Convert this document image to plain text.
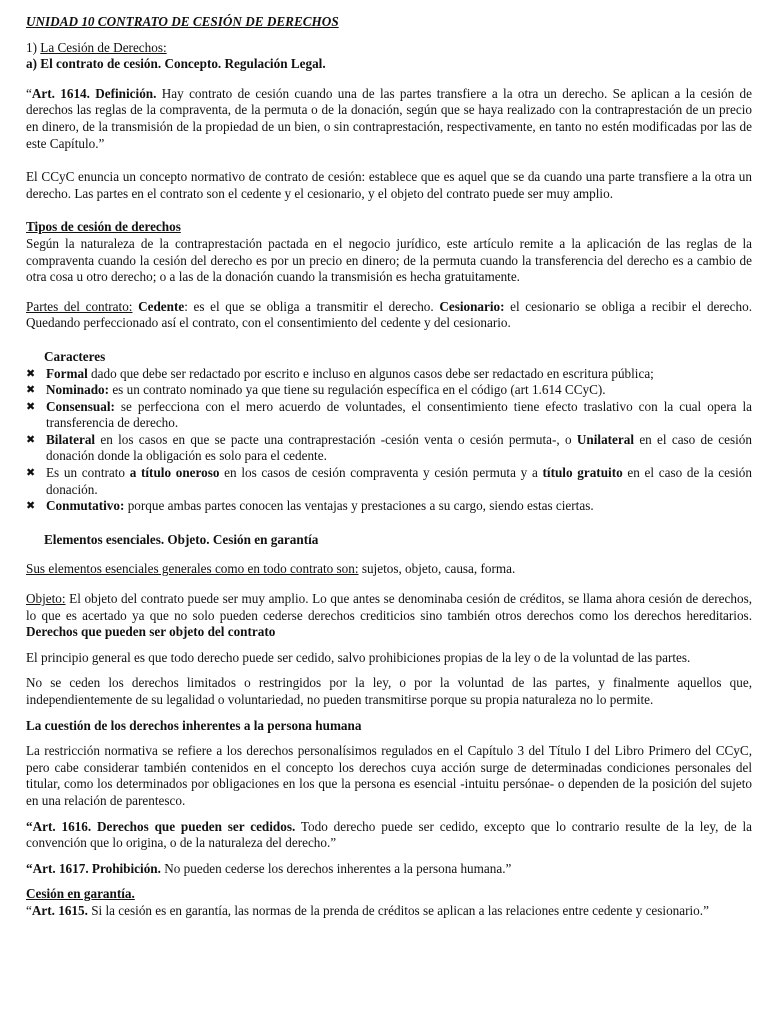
UNIDAD 10 CONTRATO DE CESIÓN DE DERECHOS

1) La Cesión de Derechos:

a) El contrato de cesión. Concepto. Regulación Legal.

“Art. 1614. Definición. Hay contrato de cesión cuando una de las partes transfiere a la otra un derecho. Se aplican a la cesión de derechos las reglas de la compraventa, de la permuta o de la donación, según que se haya realizado con la contraprestación de un precio en dinero, de la transmisión de la propiedad de un bien, o sin contraprestación, respectivamente, en tanto no estén modificadas por las de este Capítulo.”

El CCyC enuncia un concepto normativo de contrato de cesión: establece que es aquel que se da cuando una parte transfiere a la otra un derecho. Las partes en el contrato son el cedente y el cesionario, y el objeto del contrato puede ser muy amplio.

Tipos de cesión de derechos

Según la naturaleza de la contraprestación pactada en el negocio jurídico, este artículo remite a la aplicación de las reglas de la compraventa cuando la cesión del derecho es por un precio en dinero; de la permuta cuando la transferencia del derecho es a cambio de otra cosa u otro derecho; o a las de la donación cuando la transmisión es hecha gratuitamente.

Partes del contrato: Cedente: es el que se obliga a transmitir el derecho. Cesionario: el cesionario se obliga a recibir el derecho. Quedando perfeccionado así el contrato, con el consentimiento del cedente y del cesionario.

Caracteres

✖ Formal dado que debe ser redactado por escrito e incluso en algunos casos debe ser redactado en escritura pública;
✖ Nominado: es un contrato nominado ya que tiene su regulación específica en el código (art 1.614 CCyC).
✖ Consensual: se perfecciona con el mero acuerdo de voluntades, el consentimiento tiene efecto traslativo con la cual opera la transferencia de derecho.
✖ Bilateral en los casos en que se pacte una contraprestación -cesión venta o cesión permuta-, o Unilateral en el caso de cesión donación donde la obligación es solo para el cedente.
✖ Es un contrato a título oneroso en los casos de cesión compraventa y cesión permuta y a título gratuito en el caso de la cesión donación.
✖ Conmutativo: porque ambas partes conocen las ventajas y prestaciones a su cargo, siendo estas ciertas.

Elementos esenciales. Objeto. Cesión en garantía

Sus elementos esenciales generales como en todo contrato son: sujetos, objeto, causa, forma.

Objeto: El objeto del contrato puede ser muy amplio. Lo que antes se denominaba cesión de créditos, se llama ahora cesión de derechos, lo que es acertado ya que no solo pueden cederse derechos crediticios sino también otros derechos como los derechos hereditarios. Derechos que pueden ser objeto del contrato

El principio general es que todo derecho puede ser cedido, salvo prohibiciones propias de la ley o de la voluntad de las partes.

No se ceden los derechos limitados o restringidos por la ley, o por la voluntad de las partes, y finalmente aquellos que, independientemente de su legalidad o voluntariedad, no pueden transmitirse porque su propia naturaleza no lo permite.

La cuestión de los derechos inherentes a la persona humana

La restricción normativa se refiere a los derechos personalísimos regulados en el Capítulo 3 del Título I del Libro Primero del CCyC, pero cabe considerar también contenidos en el concepto los derechos cuya acción surge de determinadas condiciones personales del titular, como los determinados por obligaciones en los que la persona es esencial -intuitu persónae- o dependen de la posición del sujeto en una relación de parentesco.

“Art. 1616. Derechos que pueden ser cedidos. Todo derecho puede ser cedido, excepto que lo contrario resulte de la ley, de la convención que lo origina, o de la naturaleza del derecho.”

“Art. 1617. Prohibición. No pueden cederse los derechos inherentes a la persona humana.”

Cesión en garantía.

“Art. 1615. Si la cesión es en garantía, las normas de la prenda de créditos se aplican a las relaciones entre cedente y cesionario.”
